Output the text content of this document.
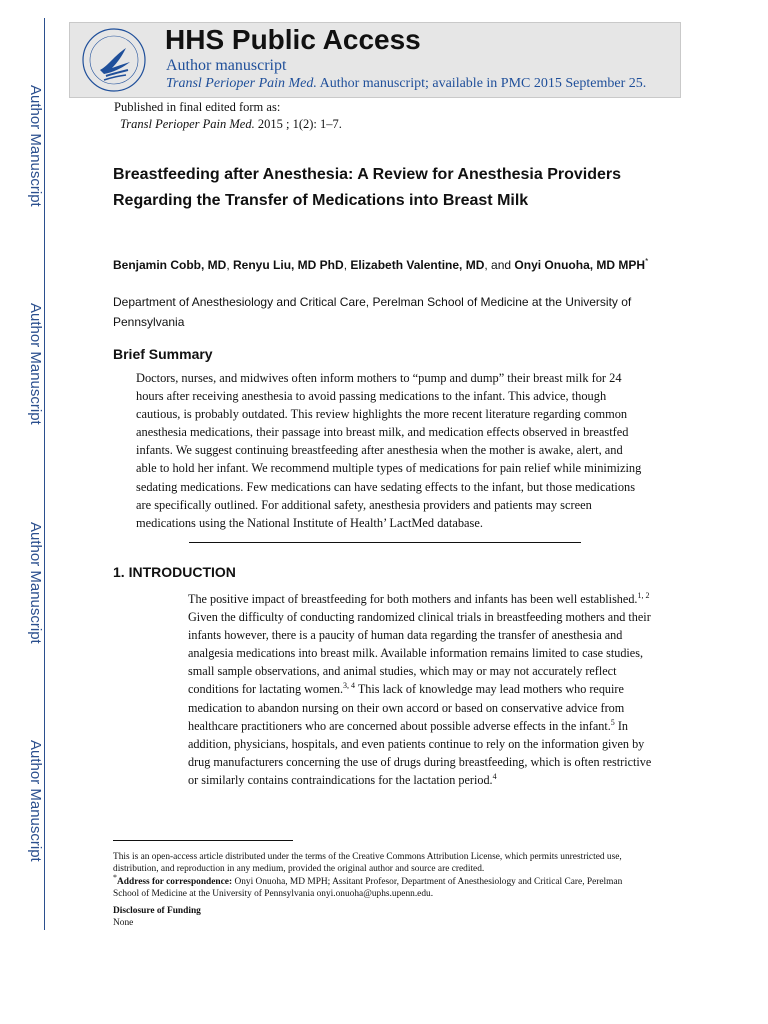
Author Manuscript
Author Manuscript
Author Manuscript
Author Manuscript
HHS Public Access
Author manuscript
Transl Perioper Pain Med. Author manuscript; available in PMC 2015 September 25.
Published in final edited form as:
Transl Perioper Pain Med. 2015 ; 1(2): 1–7.
Breastfeeding after Anesthesia: A Review for Anesthesia Providers Regarding the Transfer of Medications into Breast Milk
Benjamin Cobb, MD, Renyu Liu, MD PhD, Elizabeth Valentine, MD, and Onyi Onuoha, MD MPH*
Department of Anesthesiology and Critical Care, Perelman School of Medicine at the University of Pennsylvania
Brief Summary

Doctors, nurses, and midwives often inform mothers to “pump and dump” their breast milk for 24 hours after receiving anesthesia to avoid passing medications to the infant. This advice, though cautious, is probably outdated. This review highlights the more recent literature regarding common anesthesia medications, their passage into breast milk, and medication effects observed in breastfed infants. We suggest continuing breastfeeding after anesthesia when the mother is awake, alert, and able to hold her infant. We recommend multiple types of medications for pain relief while minimizing sedating medications. Few medications can have sedating effects to the infant, but those medications are specifically outlined. For additional safety, anesthesia providers and patients may screen medications using the National Institute of Health’ LactMed database.

1. INTRODUCTION

The positive impact of breastfeeding for both mothers and infants has been well established.$^{1, 2}$ Given the difficulty of conducting randomized clinical trials in breastfeeding mothers and their infants however, there is a paucity of human data regarding the transfer of anesthesia and analgesia medications into breast milk. Available information remains limited to case studies, small sample observations, and animal studies, which may or may not accurately reflect conditions for lactating women.$^{3, 4}$ This lack of knowledge may lead mothers who require medication to abandon nursing on their own accord or based on conservative advice from healthcare practitioners who are concerned about possible adverse effects in the infant.$^5$ In addition, physicians, hospitals, and even patients continue to rely on the information given by drug manufacturers concerning the use of drugs during breastfeeding, which is often restrictive or similarly contains contraindications for the lactation period.$^4$

This is an open-access article distributed under the terms of the Creative Commons Attribution License, which permits unrestricted use, distribution, and reproduction in any medium, provided the original author and source are credited.

*Address for correspondence: Onyi Onuoha, MD MPH; Assitant Profesor, Department of Anesthesiology and Critical Care, Perelman School of Medicine at the University of Pennsylvania onyi.onuoha@uphs.upenn.edu.

Disclosure of Funding
None
